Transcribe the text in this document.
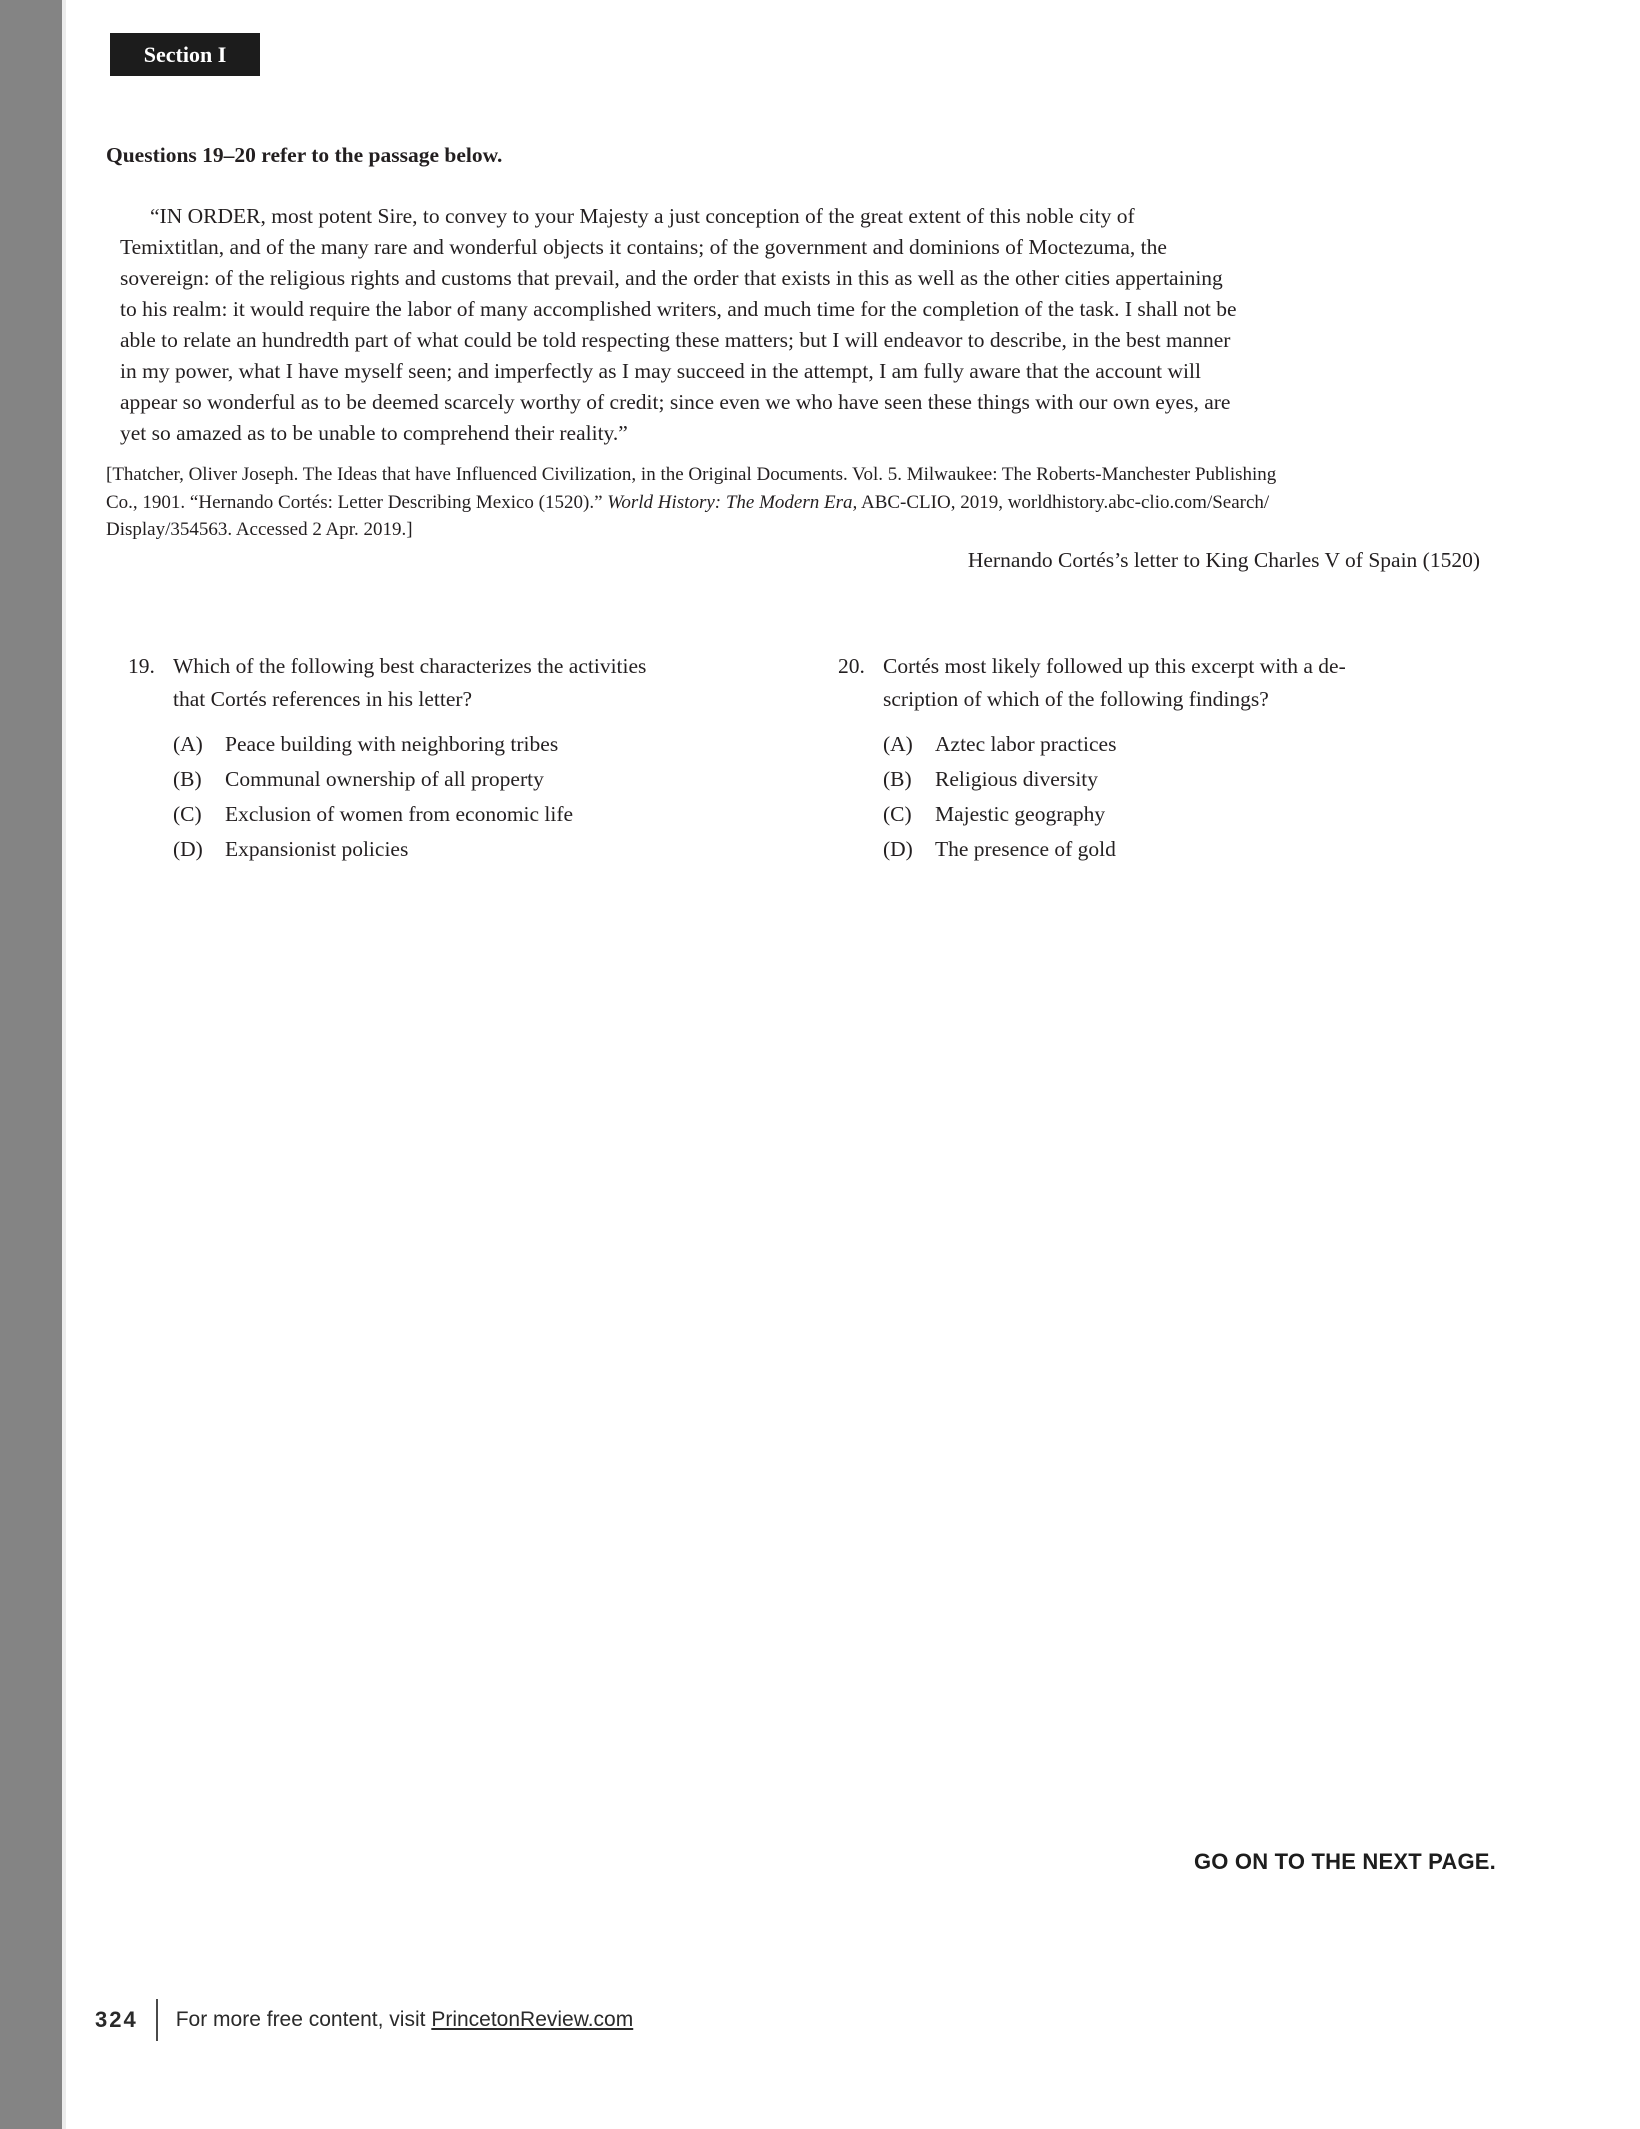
Section I
Questions 19–20 refer to the passage below.
“IN ORDER, most potent Sire, to convey to your Majesty a just conception of the great extent of this noble city of
Temixtitlan, and of the many rare and wonderful objects it contains; of the government and dominions of Moctezuma, the
sovereign: of the religious rights and customs that prevail, and the order that exists in this as well as the other cities appertaining
to his realm: it would require the labor of many accomplished writers, and much time for the completion of the task. I shall not be
able to relate an hundredth part of what could be told respecting these matters; but I will endeavor to describe, in the best manner
in my power, what I have myself seen; and imperfectly as I may succeed in the attempt, I am fully aware that the account will
appear so wonderful as to be deemed scarcely worthy of credit; since even we who have seen these things with our own eyes, are
yet so amazed as to be unable to comprehend their reality.”
[Thatcher, Oliver Joseph. The Ideas that have Influenced Civilization, in the Original Documents. Vol. 5. Milwaukee: The Roberts-Manchester Publishing
Co., 1901. “Hernando Cortés: Letter Describing Mexico (1520).” World History: The Modern Era, ABC-CLIO, 2019, worldhistory.abc-clio.com/Search/
Display/354563. Accessed 2 Apr. 2019.]
Hernando Cortés’s letter to King Charles V of Spain (1520)
19. Which of the following best characterizes the activities
that Cortés references in his letter?
(A)	Peace building with neighboring tribes
(B)	Communal ownership of all property
(C)	Exclusion of women from economic life
(D)	Expansionist policies
20. Cortés most likely followed up this excerpt with a de-
scription of which of the following findings?
(A)	Aztec labor practices
(B)	Religious diversity
(C)	Majestic geography
(D)	The presence of gold
GO ON TO THE NEXT PAGE.
324 For more free content, visit PrincetonReview.com
